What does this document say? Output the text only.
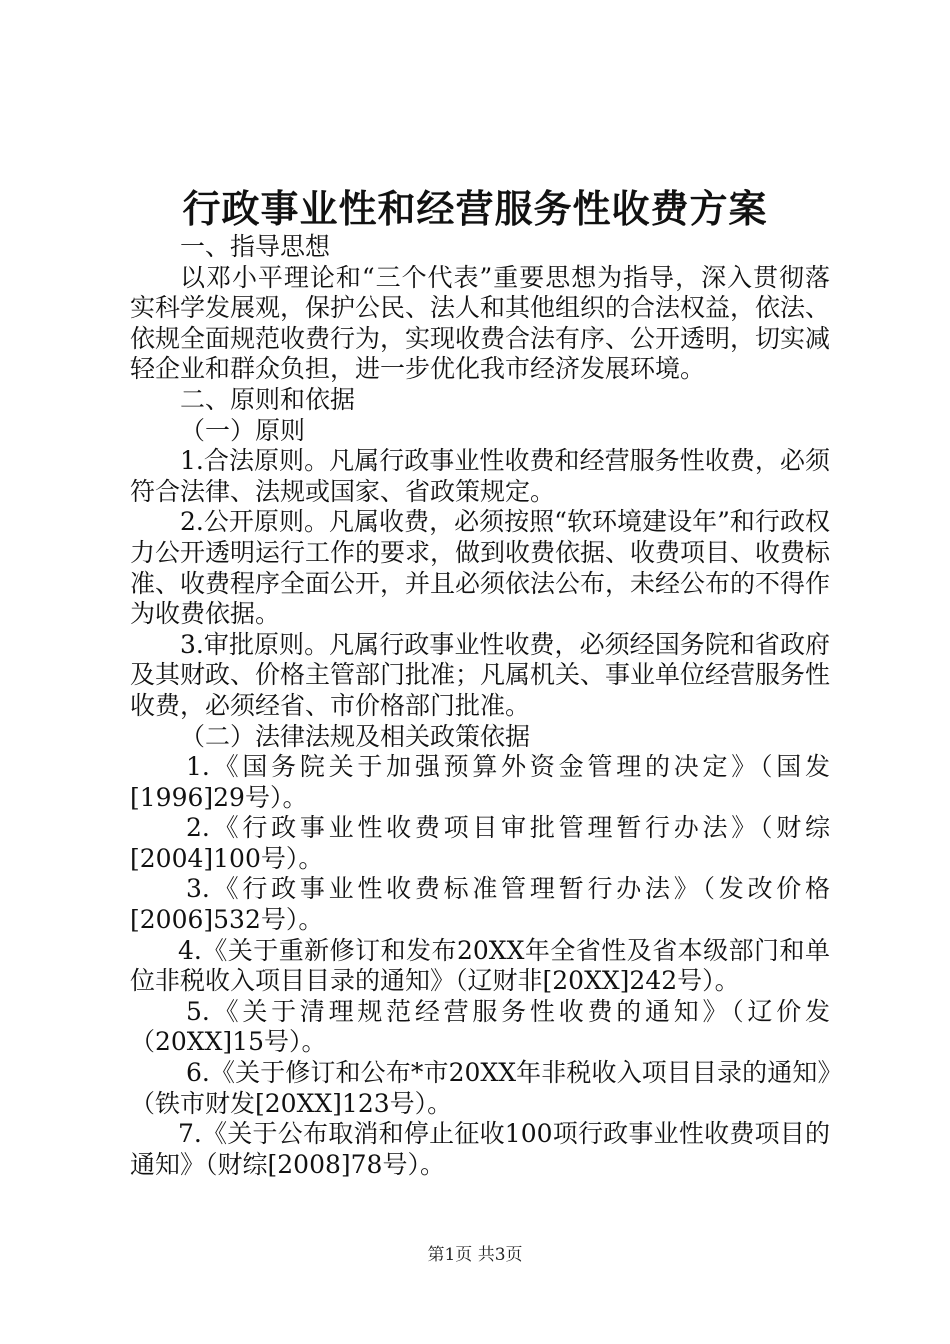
行政事业性和经营服务性收费方案

一、指导思想

以邓小平理论和“三个代表”重要思想为指导，深入贯彻落实科学发展观，保护公民、法人和其他组织的合法权益，依法、依规全面规范收费行为，实现收费合法有序、公开透明，切实减轻企业和群众负担，进一步优化我市经济发展环境。

二、原则和依据

（一）原则

1.合法原则。凡属行政事业性收费和经营服务性收费，必须符合法律、法规或国家、省政策规定。

2.公开原则。凡属收费，必须按照“软环境建设年”和行政权力公开透明运行工作的要求，做到收费依据、收费项目、收费标准、收费程序全面公开，并且必须依法公布，未经公布的不得作为收费依据。

3.审批原则。凡属行政事业性收费，必须经国务院和省政府及其财政、价格主管部门批准；凡属机关、事业单位经营服务性收费，必须经省、市价格部门批准。

（二）法律法规及相关政策依据

1.《国务院关于加强预算外资金管理的决定》（国发[1996]29号）。

2.《行政事业性收费项目审批管理暂行办法》（财综[2004]100号）。

3.《行政事业性收费标准管理暂行办法》（发改价格[2006]532号）。

4.《关于重新修订和发布20XX年全省性及省本级部门和单位非税收入项目目录的通知》（辽财非[20XX]242号）。

5.《关于清理规范经营服务性收费的通知》（辽价发（20XX]15号）。

6.《关于修订和公布*市20XX年非税收入项目目录的通知》（铁市财发[20XX]123号）。

7.《关于公布取消和停止征收100项行政事业性收费项目的通知》（财综[2008]78号）。

第1页 共3页
